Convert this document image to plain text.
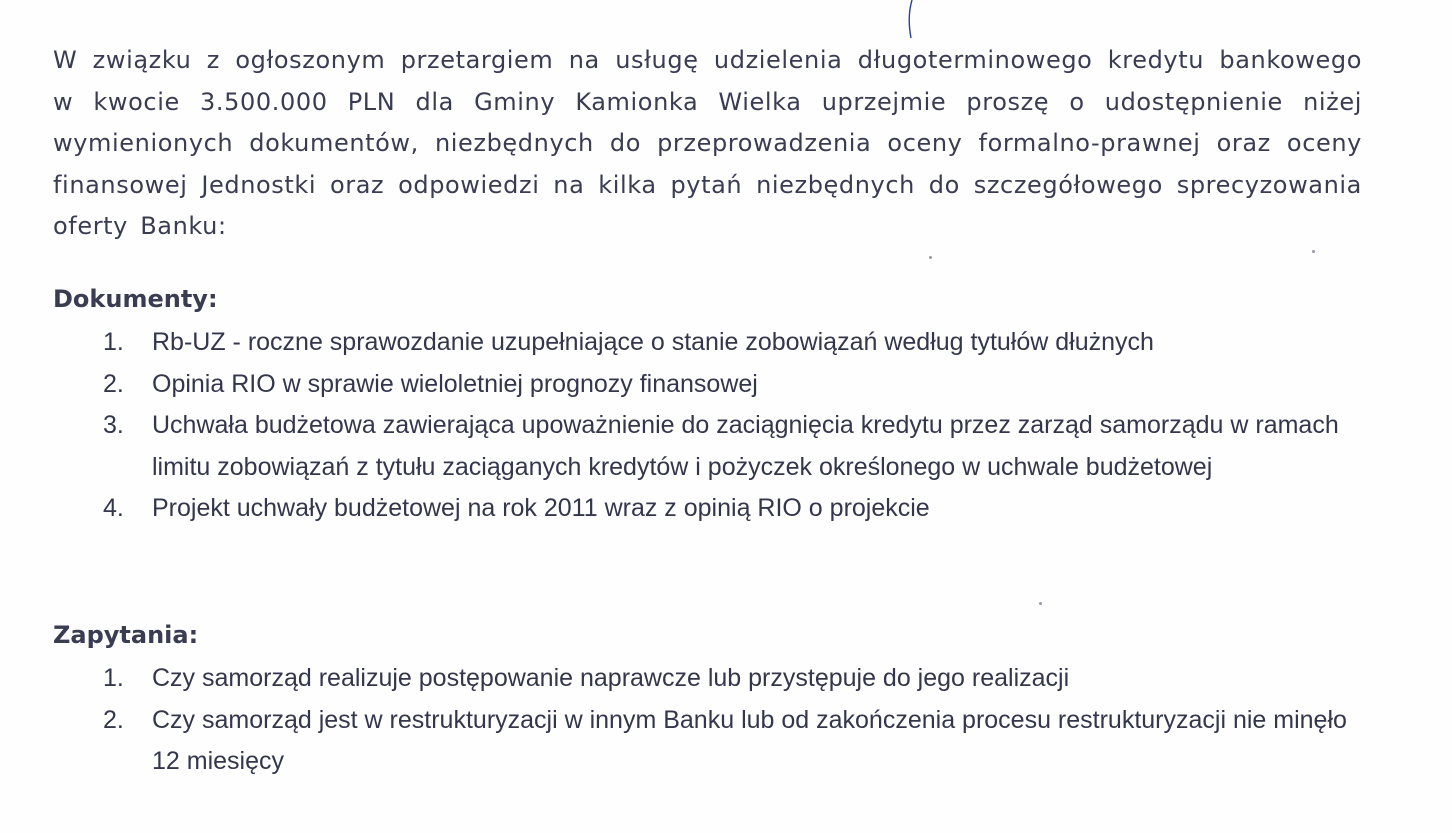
W związku z ogłoszonym przetargiem na usługę udzielenia długoterminowego kredytu bankowego w kwocie 3.500.000 PLN dla Gminy Kamionka Wielka uprzejmie proszę o udostępnienie niżej wymienionych dokumentów, niezbędnych do przeprowadzenia oceny formalno-prawnej oraz oceny finansowej Jednostki oraz odpowiedzi na kilka pytań niezbędnych do szczegółowego sprecyzowania oferty Banku:

Dokumenty:
1. Rb-UZ - roczne sprawozdanie uzupełniające o stanie zobowiązań według tytułów dłużnych
2. Opinia RIO w sprawie wieloletniej prognozy finansowej
3. Uchwała budżetowa zawierająca upoważnienie do zaciągnięcia kredytu przez zarząd samorządu w ramach limitu zobowiązań z tytułu zaciąganych kredytów i pożyczek określonego w uchwale budżetowej
4. Projekt uchwały budżetowej na rok 2011 wraz z opinią RIO o projekcie
Zapytania:
1. Czy samorząd realizuje postępowanie naprawcze lub przystępuje do jego realizacji
2. Czy samorząd jest w restrukturyzacji w innym Banku lub od zakończenia procesu restrukturyzacji nie minęło 12 miesięcy
